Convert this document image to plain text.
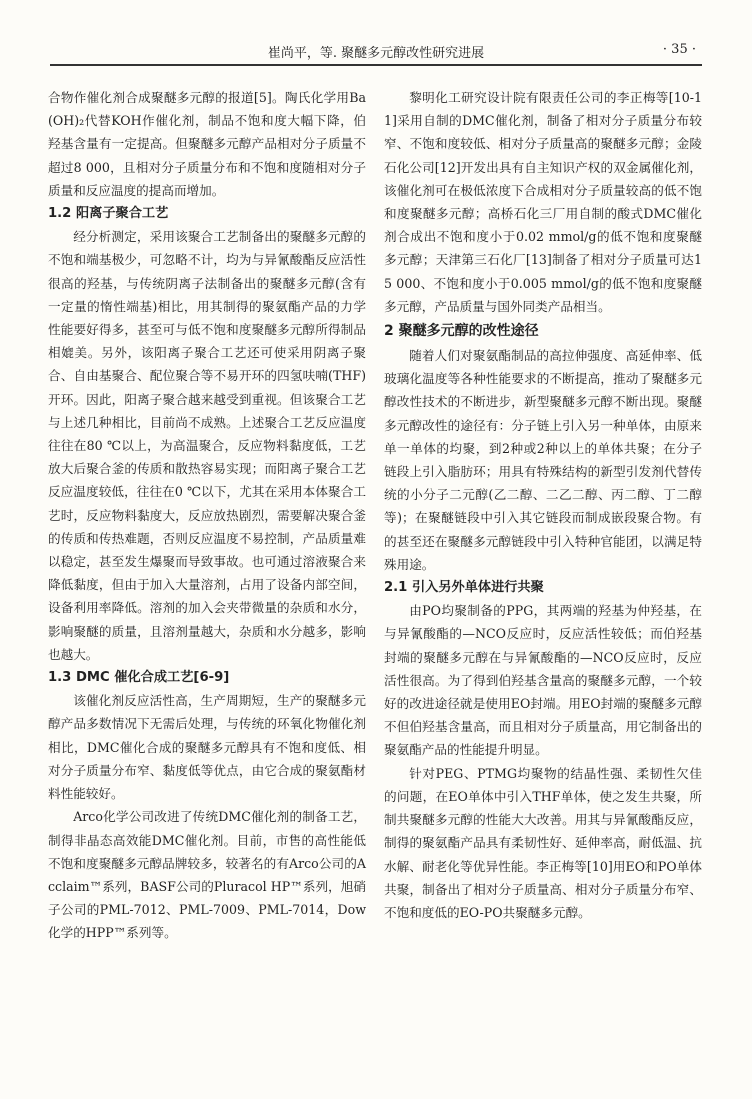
崔尚平，等. 聚醚多元醇改性研究进展	· 35 ·

合物作催化剂合成聚醚多元醇的报道[5]。陶氏化学用Ba(OH)₂代替KOH作催化剂，制品不饱和度大幅下降，伯羟基含量有一定提高。但聚醚多元醇产品相对分子质量不超过8 000，且相对分子质量分布和不饱和度随相对分子质量和反应温度的提高而增加。

1.2 阳离子聚合工艺

经分析测定，采用该聚合工艺制备出的聚醚多元醇的不饱和端基极少，可忽略不计，均为与异氰酸酯反应活性很高的羟基，与传统阴离子法制备出的聚醚多元醇(含有一定量的惰性端基)相比，用其制得的聚氨酯产品的力学性能要好得多，甚至可与低不饱和度聚醚多元醇所得制品相媲美。另外，该阳离子聚合工艺还可使采用阴离子聚合、自由基聚合、配位聚合等不易开环的四氢呋喃(THF)开环。因此，阳离子聚合越来越受到重视。但该聚合工艺与上述几种相比，目前尚不成熟。上述聚合工艺反应温度往往在80 ℃以上，为高温聚合，反应物料黏度低，工艺放大后聚合釜的传质和散热容易实现；而阳离子聚合工艺反应温度较低，往往在0 ℃以下，尤其在采用本体聚合工艺时，反应物料黏度大，反应放热剧烈，需要解决聚合釜的传质和传热难题，否则反应温度不易控制，产品质量难以稳定，甚至发生爆聚而导致事故。也可通过溶液聚合来降低黏度，但由于加入大量溶剂，占用了设备内部空间，设备利用率降低。溶剂的加入会夹带微量的杂质和水分，影响聚醚的质量，且溶剂量越大，杂质和水分越多，影响也越大。

1.3 DMC 催化合成工艺[6-9]

该催化剂反应活性高，生产周期短，生产的聚醚多元醇产品多数情况下无需后处理，与传统的环氧化物催化剂相比，DMC催化合成的聚醚多元醇具有不饱和度低、相对分子质量分布窄、黏度低等优点，由它合成的聚氨酯材料性能较好。

Arco化学公司改进了传统DMC催化剂的制备工艺，制得非晶态高效能DMC催化剂。目前，市售的高性能低不饱和度聚醚多元醇品牌较多，较著名的有Arco公司的Acclaim™系列，BASF公司的Pluracol HP™系列，旭硝子公司的PML-7012、PML-7009、PML-7014，Dow化学的HPP™系列等。

黎明化工研究设计院有限责任公司的李正梅等[10-11]采用自制的DMC催化剂，制备了相对分子质量分布较窄、不饱和度较低、相对分子质量高的聚醚多元醇；金陵石化公司[12]开发出具有自主知识产权的双金属催化剂，该催化剂可在极低浓度下合成相对分子质量较高的低不饱和度聚醚多元醇；高桥石化三厂用自制的酸式DMC催化剂合成出不饱和度小于0.02 mmol/g的低不饱和度聚醚多元醇；天津第三石化厂[13]制备了相对分子质量可达15 000、不饱和度小于0.005 mmol/g的低不饱和度聚醚多元醇，产品质量与国外同类产品相当。

2 聚醚多元醇的改性途径

随着人们对聚氨酯制品的高拉伸强度、高延伸率、低玻璃化温度等各种性能要求的不断提高，推动了聚醚多元醇改性技术的不断进步，新型聚醚多元醇不断出现。聚醚多元醇改性的途径有：分子链上引入另一种单体，由原来单一单体的均聚，到2种或2种以上的单体共聚；在分子链段上引入脂肪环；用具有特殊结构的新型引发剂代替传统的小分子二元醇(乙二醇、二乙二醇、丙二醇、丁二醇等)；在聚醚链段中引入其它链段而制成嵌段聚合物。有的甚至还在聚醚多元醇链段中引入特种官能团，以满足特殊用途。

2.1 引入另外单体进行共聚

由PO均聚制备的PPG，其两端的羟基为仲羟基，在与异氰酸酯的—NCO反应时，反应活性较低；而伯羟基封端的聚醚多元醇在与异氰酸酯的—NCO反应时，反应活性很高。为了得到伯羟基含量高的聚醚多元醇，一个较好的改进途径就是使用EO封端。用EO封端的聚醚多元醇不但伯羟基含量高，而且相对分子质量高，用它制备出的聚氨酯产品的性能提升明显。

针对PEG、PTMG均聚物的结晶性强、柔韧性欠佳的问题，在EO单体中引入THF单体，使之发生共聚，所制共聚醚多元醇的性能大大改善。用其与异氰酸酯反应，制得的聚氨酯产品具有柔韧性好、延伸率高，耐低温、抗水解、耐老化等优异性能。李正梅等[10]用EO和PO单体共聚，制备出了相对分子质量高、相对分子质量分布窄、不饱和度低的EO-PO共聚醚多元醇。
